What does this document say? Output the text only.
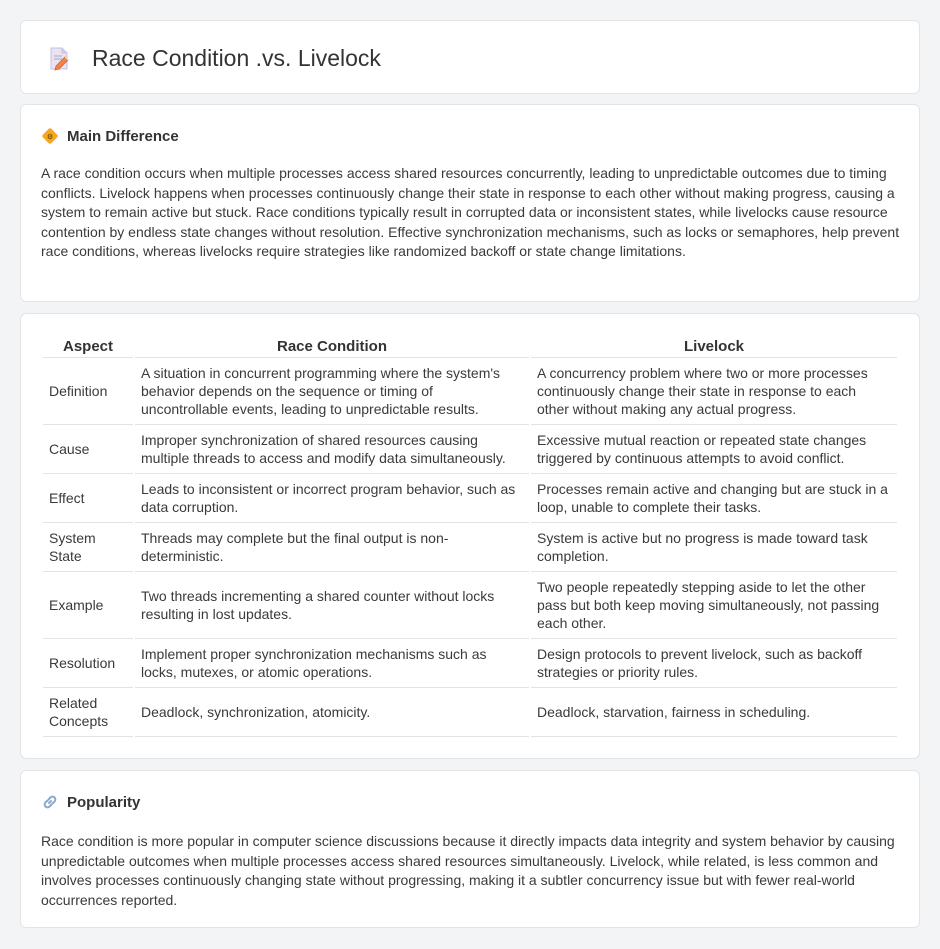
Race Condition .vs. Livelock
⚙ Main Difference

A race condition occurs when multiple processes access shared resources concurrently, leading to unpredictable outcomes due to timing conflicts. Livelock happens when processes continuously change their state in response to each other without making progress, causing a system to remain active but stuck. Race conditions typically result in corrupted data or inconsistent states, while livelocks cause resource contention by endless state changes without resolution. Effective synchronization mechanisms, such as locks or semaphores, help prevent race conditions, whereas livelocks require strategies like randomized backoff or state change limitations.

Aspect	Race Condition	Livelock
Definition	A situation in concurrent programming where the system's behavior depends on the sequence or timing of uncontrollable events, leading to unpredictable results.	A concurrency problem where two or more processes continuously change their state in response to each other without making any actual progress.
Cause	Improper synchronization of shared resources causing multiple threads to access and modify data simultaneously.	Excessive mutual reaction or repeated state changes triggered by continuous attempts to avoid conflict.
Effect	Leads to inconsistent or incorrect program behavior, such as data corruption.	Processes remain active and changing but are stuck in a loop, unable to complete their tasks.
System State	Threads may complete but the final output is non-deterministic.	System is active but no progress is made toward task completion.
Example	Two threads incrementing a shared counter without locks resulting in lost updates.	Two people repeatedly stepping aside to let the other pass but both keep moving simultaneously, not passing each other.
Resolution	Implement proper synchronization mechanisms such as locks, mutexes, or atomic operations.	Design protocols to prevent livelock, such as backoff strategies or priority rules.
Related Concepts	Deadlock, synchronization, atomicity.	Deadlock, starvation, fairness in scheduling.
Popularity

Race condition is more popular in computer science discussions because it directly impacts data integrity and system behavior by causing unpredictable outcomes when multiple processes access shared resources simultaneously. Livelock, while related, is less common and involves processes continuously changing state without progressing, making it a subtler concurrency issue but with fewer real-world occurrences reported.
